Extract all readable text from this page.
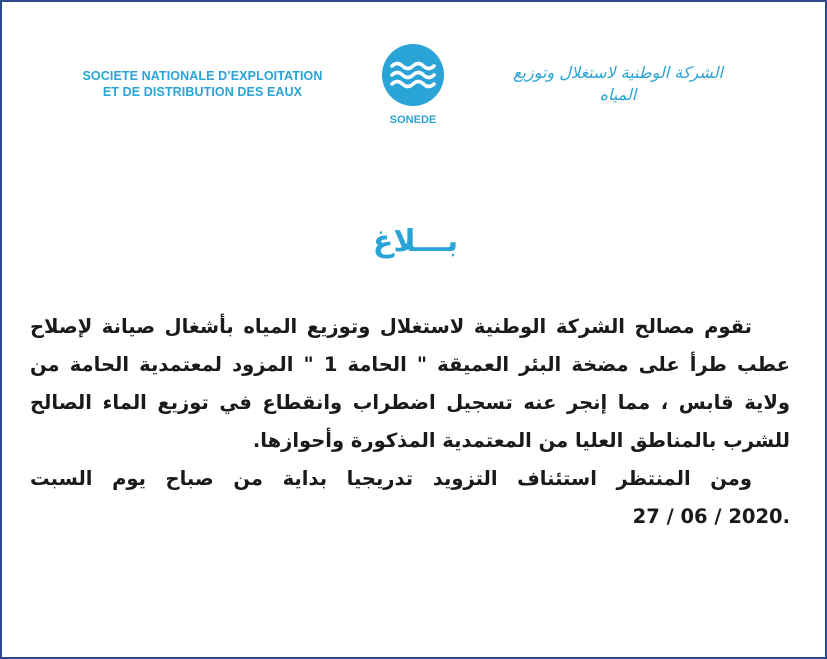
SOCIETE NATIONALE D’EXPLOITATION
ET DE DISTRIBUTION DES EAUX
SONEDE
الشركة الوطنية لاستغلال وتوزيع المياه
بـــلاغ

تقوم مصالح الشركة الوطنية لاستغلال وتوزيع المياه بأشغال صيانة لإصلاح عطب طرأ على مضخة البئر العميقة " الحامة 1 " المزود لمعتمدية الحامة من ولاية قابس ، مما إنجر عنه تسجيل اضطراب وانقطاع في توزيع الماء الصالح للشرب بالمناطق العليا من المعتمدية المذكورة وأحوازها.

ومن المنتظر استئناف التزويد تدريجيا بداية من صباح يوم السبت 27 / 06 / 2020.
